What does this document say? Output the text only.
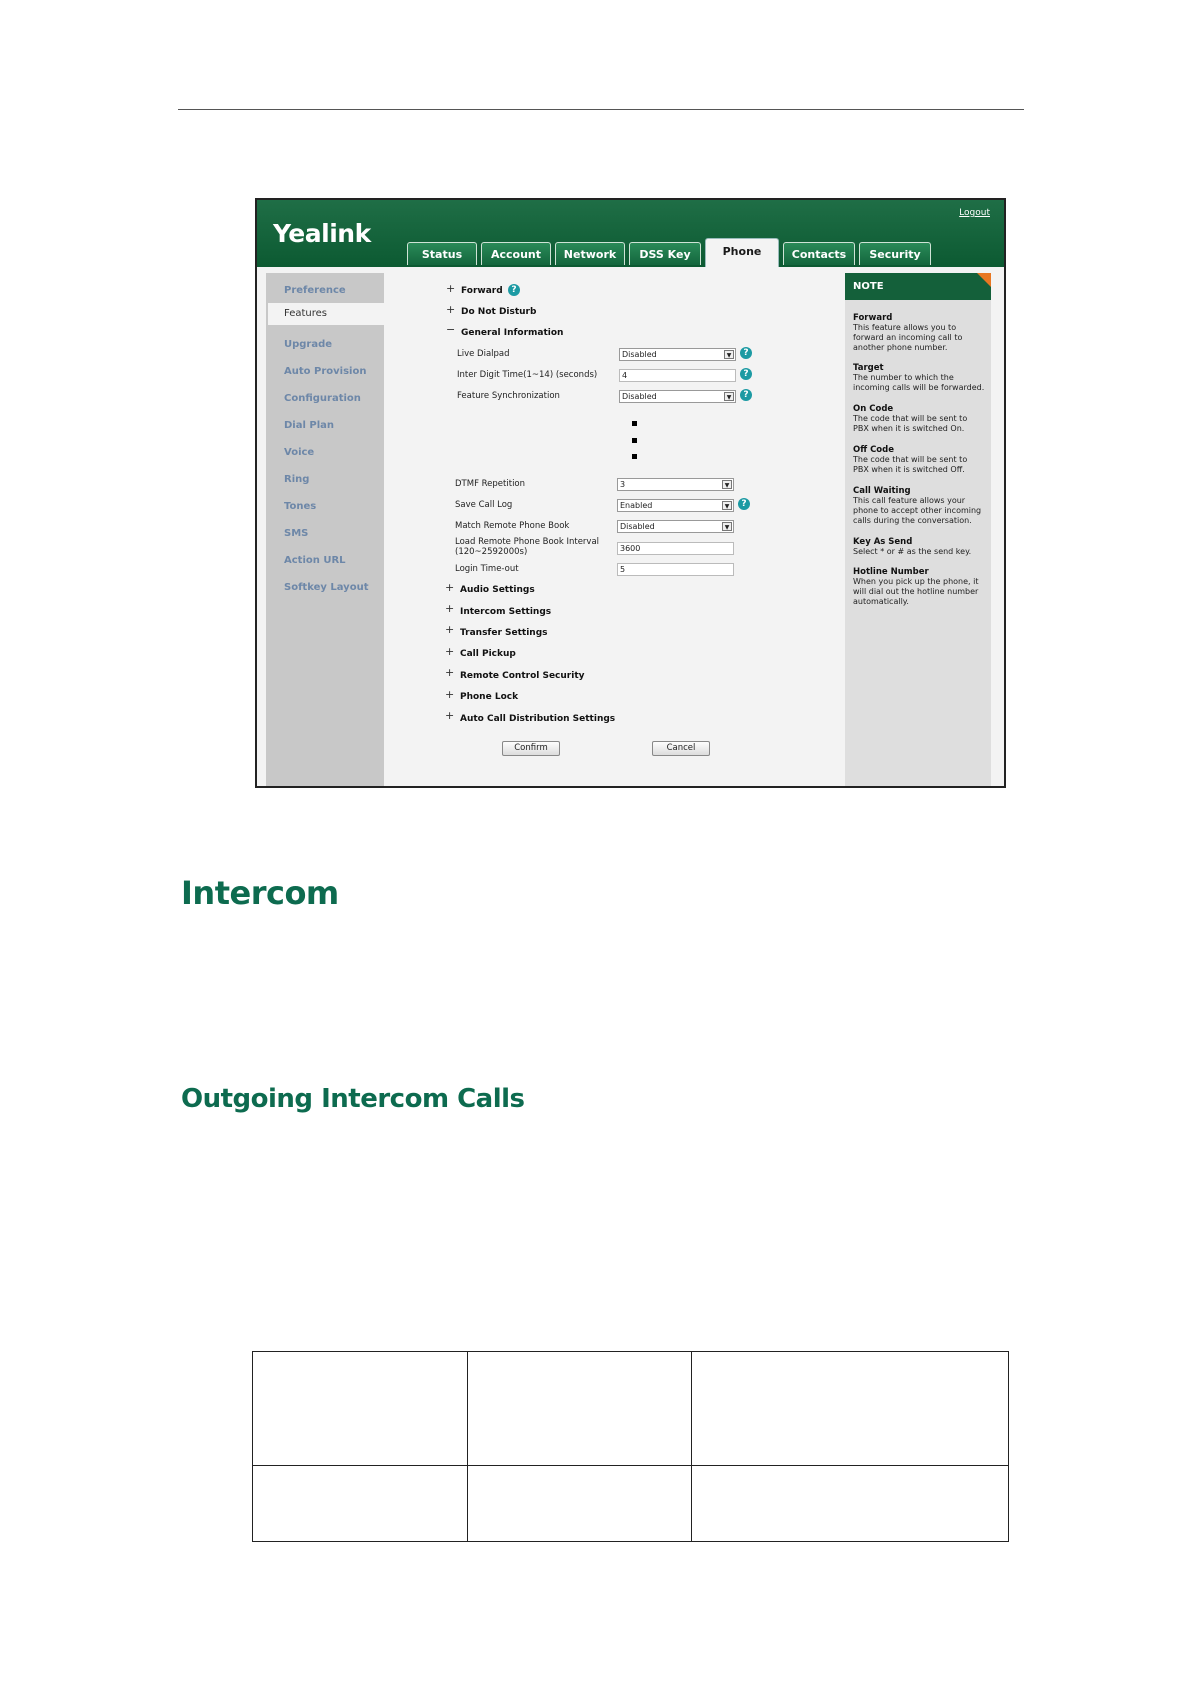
Yealink
Logout
Status	Account	Network	DSS Key	Phone	Contacts	Security
Preference
Features
Upgrade
Auto Provision
Configuration
Dial Plan
Voice
Ring
Tones
SMS
Action URL
Softkey Layout
+ Forward ?
+ Do Not Disturb
− General Information
Live Dialpad	Disabled	▼	?
Inter Digit Time(1~14) (seconds)	4	?
Feature Synchronization	Disabled	▼	?
DTMF Repetition	3	▼
Save Call Log	Enabled	▼	?
Match Remote Phone Book	Disabled	▼
Load Remote Phone Book Interval
(120~2592000s)	3600
Login Time-out	5
+ Audio Settings
+ Intercom Settings
+ Transfer Settings
+ Call Pickup
+ Remote Control Security
+ Phone Lock
+ Auto Call Distribution Settings
Confirm	Cancel
NOTE
Forward
This feature allows you to forward an incoming call to another phone number.
Target
The number to which the incoming calls will be forwarded.
On Code
The code that will be sent to PBX when it is switched On.
Off Code
The code that will be sent to PBX when it is switched Off.
Call Waiting
This call feature allows your phone to accept other incoming calls during the conversation.
Key As Send
Select * or # as the send key.
Hotline Number
When you pick up the phone, it will dial out the hotline number automatically.
Intercom
Outgoing Intercom Calls
